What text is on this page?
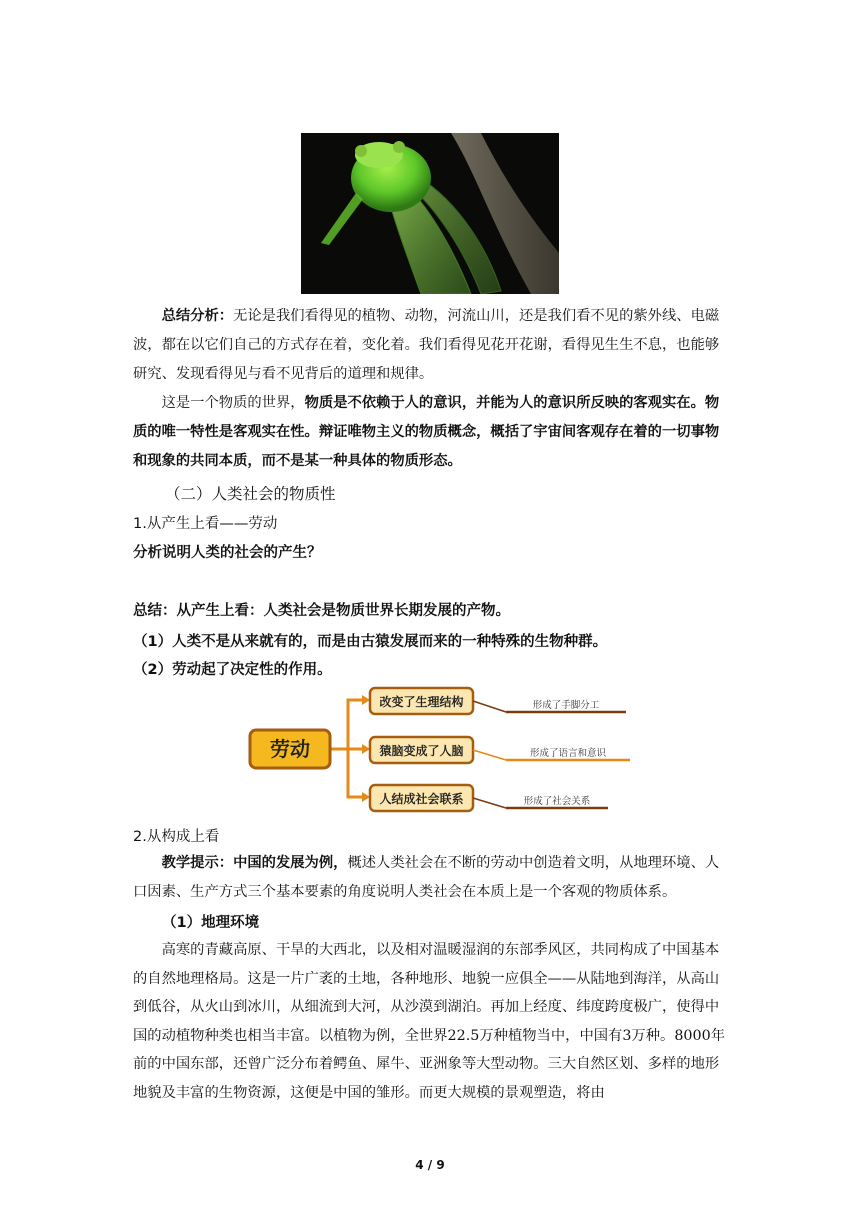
总结分析：无论是我们看得见的植物、动物，河流山川，还是我们看不见的紫外线、电磁波，都在以它们自己的方式存在着，变化着。我们看得见花开花谢，看得见生生不息，也能够研究、发现看得见与看不见背后的道理和规律。

这是一个物质的世界，物质是不依赖于人的意识，并能为人的意识所反映的客观实在。物质的唯一特性是客观实在性。辩证唯物主义的物质概念，概括了宇宙间客观存在着的一切事物和现象的共同本质，而不是某一种具体的物质形态。

（二）人类社会的物质性
1.从产生上看——劳动
分析说明人类的社会的产生？
总结：从产生上看：人类社会是物质世界长期发展的产物。
（1）人类不是从来就有的，而是由古猿发展而来的一种特殊的生物种群。
（2）劳动起了决定性的作用。
劳动
改变了生理结构
猿脑变成了人脑
人结成社会联系
形成了手脚分工
形成了语言和意识
形成了社会关系
2.从构成上看

教学提示：中国的发展为例，概述人类社会在不断的劳动中创造着文明，从地理环境、人口因素、生产方式三个基本要素的角度说明人类社会在本质上是一个客观的物质体系。

（1）地理环境

高寒的青藏高原、干旱的大西北，以及相对温暖湿润的东部季风区，共同构成了中国基本的自然地理格局。这是一片广袤的土地，各种地形、地貌一应俱全——从陆地到海洋，从高山到低谷，从火山到冰川，从细流到大河，从沙漠到湖泊。再加上经度、纬度跨度极广，使得中国的动植物种类也相当丰富。以植物为例，全世界22.5万种植物当中，中国有3万种。8000年前的中国东部，还曾广泛分布着鳄鱼、犀牛、亚洲象等大型动物。三大自然区划、多样的地形地貌及丰富的生物资源，这便是中国的雏形。而更大规模的景观塑造，将由

4 / 9
